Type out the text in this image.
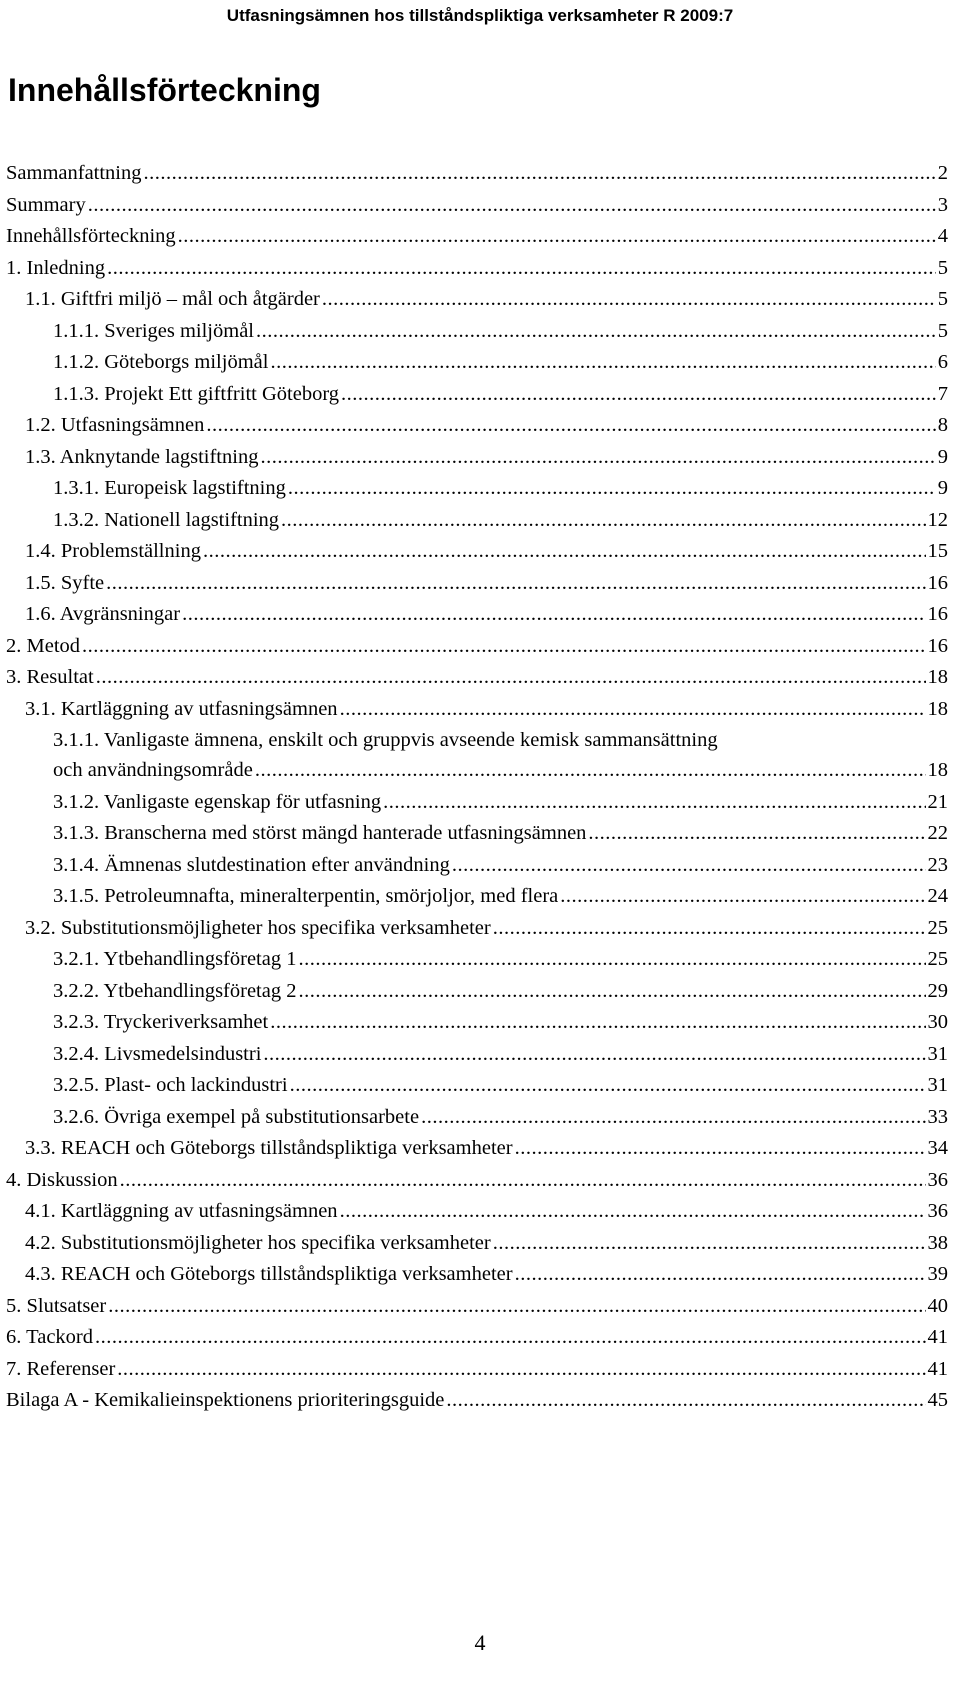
Utfasningsämnen hos tillståndspliktiga verksamheter R 2009:7
Innehållsförteckning
Sammanfattning .....	2
Summary .....	3
Innehållsförteckning .....	4
1. Inledning .....	5
1.1. Giftfri miljö – mål och åtgärder .....	5
1.1.1. Sveriges miljömål .....	5
1.1.2. Göteborgs miljömål .....	6
1.1.3. Projekt Ett giftfritt Göteborg .....	7
1.2. Utfasningsämnen .....	8
1.3. Anknytande lagstiftning .....	9
1.3.1. Europeisk lagstiftning .....	9
1.3.2. Nationell lagstiftning .....	12
1.4. Problemställning .....	15
1.5. Syfte .....	16
1.6. Avgränsningar .....	16
2. Metod .....	16
3. Resultat .....	18
3.1. Kartläggning av utfasningsämnen .....	18
3.1.1. Vanligaste ämnena, enskilt och gruppvis avseende kemisk sammansättning
och användningsområde .....	18
3.1.2. Vanligaste egenskap för utfasning .....	21
3.1.3. Branscherna med störst mängd hanterade utfasningsämnen .....	22
3.1.4. Ämnenas slutdestination efter användning .....	23
3.1.5. Petroleumnafta, mineralterpentin, smörjoljor, med flera .....	24
3.2. Substitutionsmöjligheter hos specifika verksamheter .....	25
3.2.1. Ytbehandlingsföretag 1 .....	25
3.2.2. Ytbehandlingsföretag 2 .....	29
3.2.3. Tryckeriverksamhet .....	30
3.2.4. Livsmedelsindustri .....	31
3.2.5. Plast- och lackindustri .....	31
3.2.6. Övriga exempel på substitutionsarbete .....	33
3.3. REACH och Göteborgs tillståndspliktiga verksamheter .....	34
4. Diskussion .....	36
4.1. Kartläggning av utfasningsämnen .....	36
4.2. Substitutionsmöjligheter hos specifika verksamheter .....	38
4.3. REACH och Göteborgs tillståndspliktiga verksamheter .....	39
5. Slutsatser .....	40
6. Tackord .....	41
7. Referenser .....	41
Bilaga A - Kemikalieinspektionens prioriteringsguide .....	45
4
